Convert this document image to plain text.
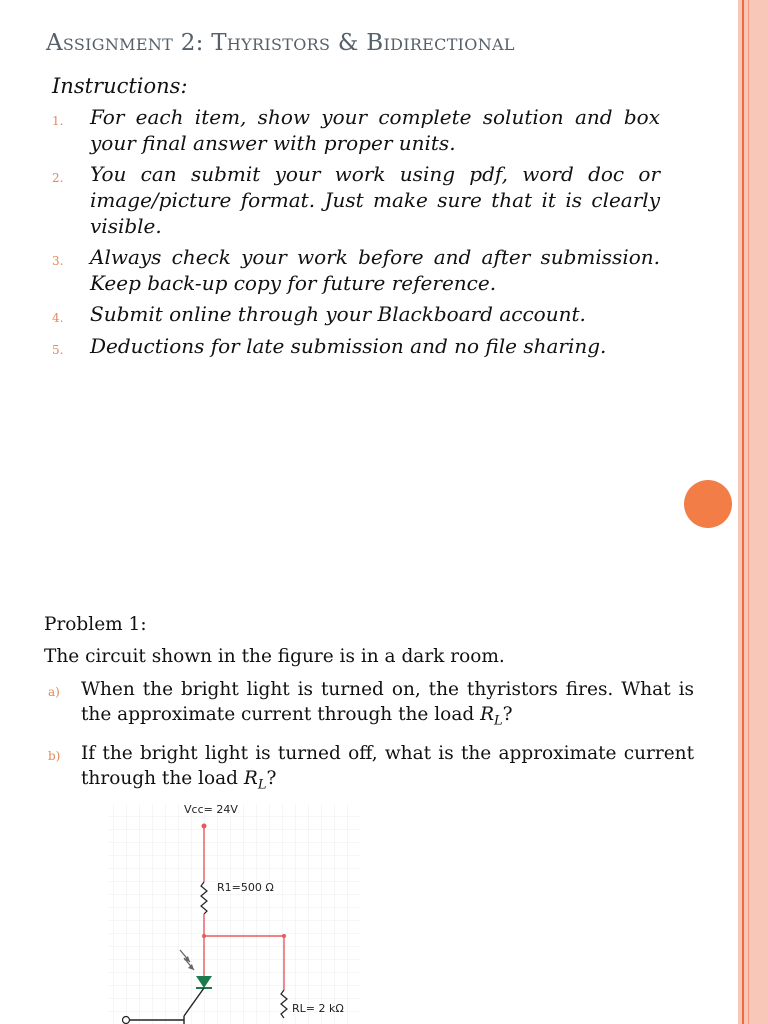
Assignment 2: Thyristors & Bidirectional
Instructions:
1. For each item, show your complete solution and box your final answer with proper units.
2. You can submit your work using pdf, word doc or image/picture format. Just make sure that it is clearly visible.
3. Always check your work before and after submission. Keep back-up copy for future reference.
4. Submit online through your Blackboard account.
5. Deductions for late submission and no file sharing.
Problem 1:
The circuit shown in the figure is in a dark room.
a) When the bright light is turned on, the thyristors fires. What is the approximate current through the load $R_L$?
b) If the bright light is turned off, what is the approximate current through the load $R_L$?
Vcc= 24V
R1=500 Ω
RL= 2 kΩ
